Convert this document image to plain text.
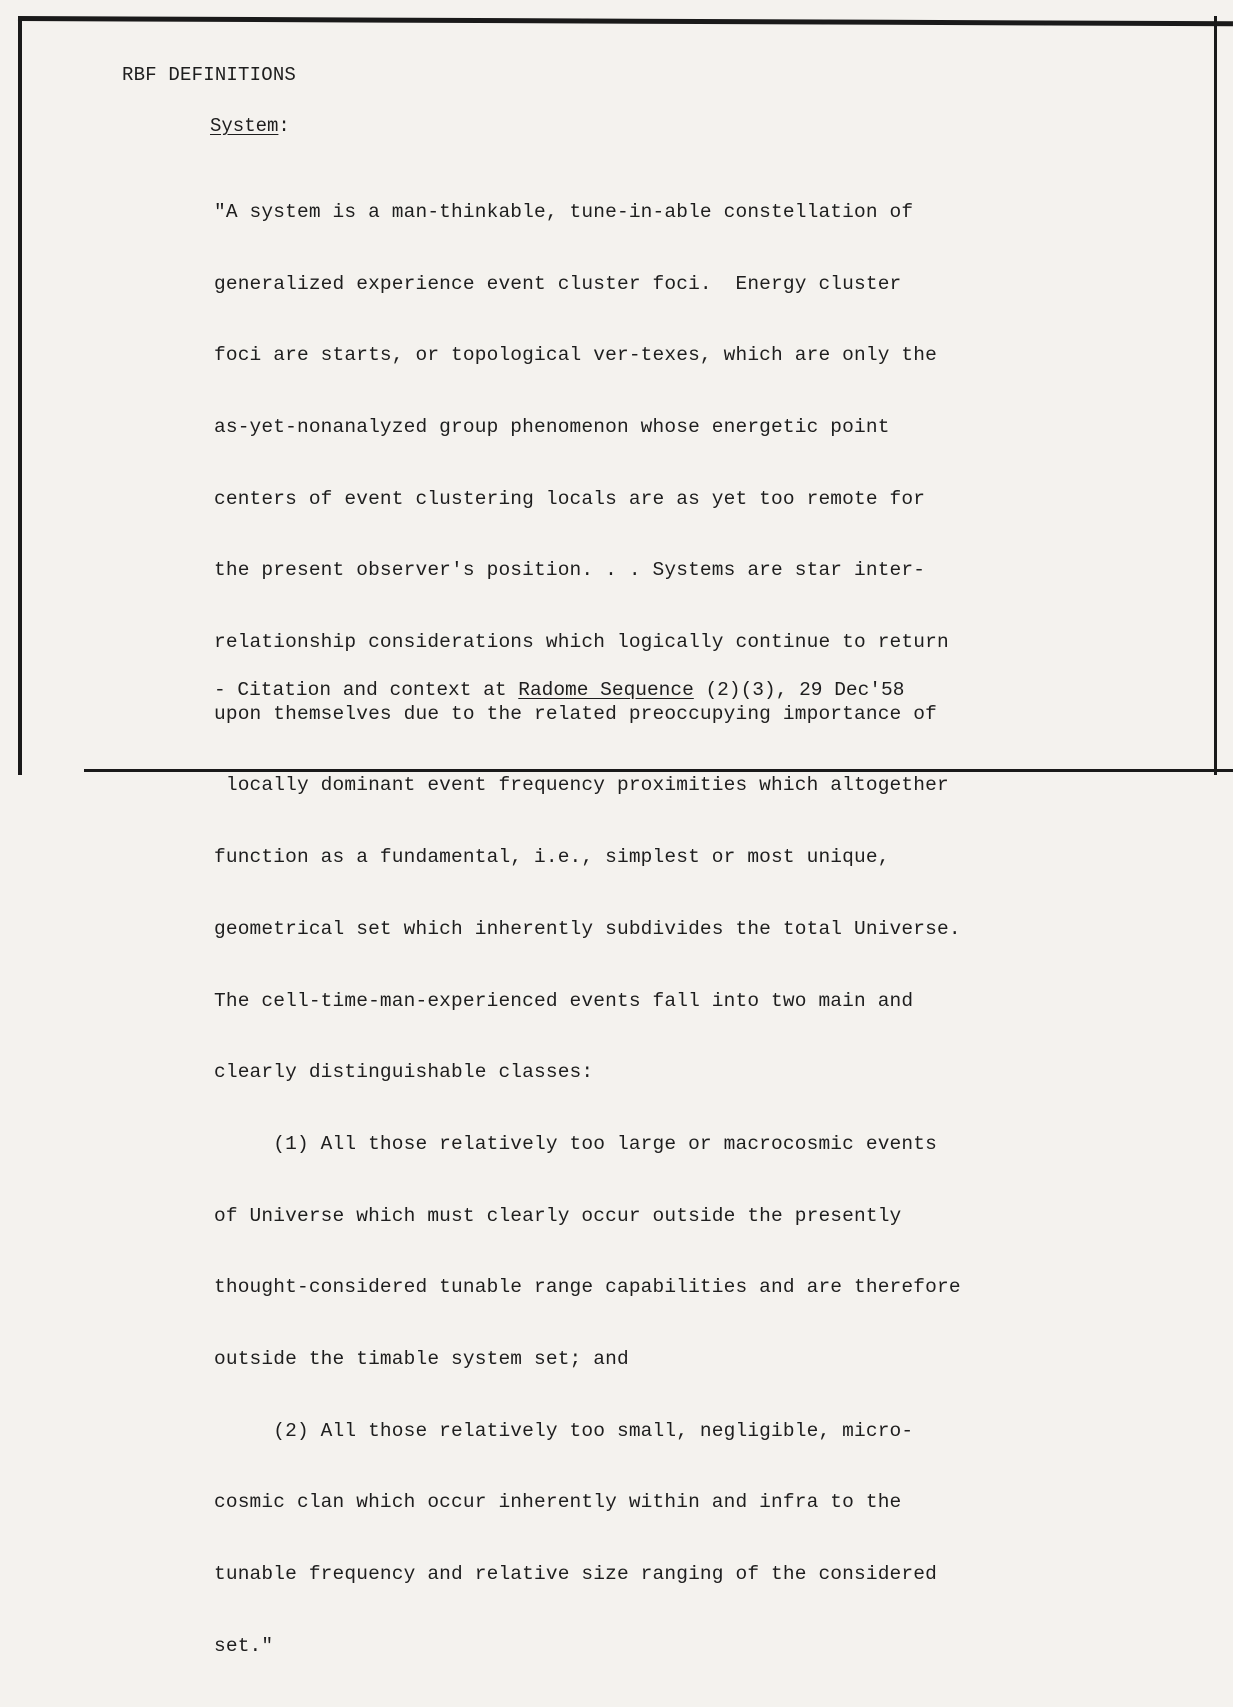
RBF DEFINITIONS
System:

"A system is a man-thinkable, tune-in-able constellation of

generalized experience event cluster foci.  Energy cluster

foci are starts, or topological ver-texes, which are only the

as-yet-nonanalyzed group phenomenon whose energetic point

centers of event clustering locals are as yet too remote for

the present observer's position. . . Systems are star inter-

relationship considerations which logically continue to return

upon themselves due to the related preoccupying importance of

locally dominant event frequency proximities which altogether

function as a fundamental, i.e., simplest or most unique,

geometrical set which inherently subdivides the total Universe.

The cell-time-man-experienced events fall into two main and

clearly distinguishable classes:

(1) All those relatively too large or macrocosmic events

of Universe which must clearly occur outside the presently

thought-considered tunable range capabilities and are therefore

outside the timable system set; and

(2) All those relatively too small, negligible, micro-

cosmic clan which occur inherently within and infra to the

tunable frequency and relative size ranging of the considered

set."

- Citation and context at Radome Sequence (2)(3), 29 Dec'58
